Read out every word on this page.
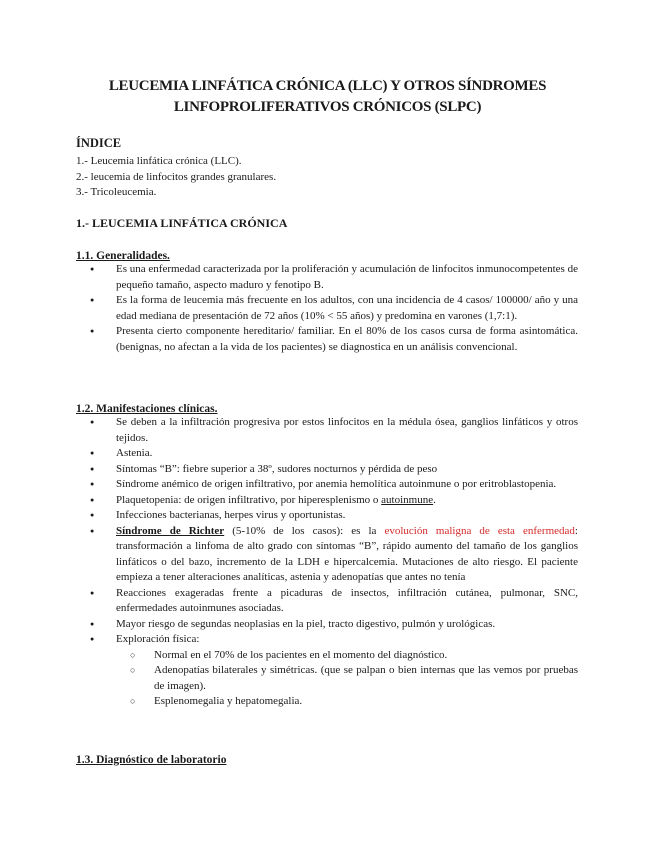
LEUCEMIA LINFÁTICA CRÓNICA (LLC) Y OTROS SÍNDROMES
LINFOPROLIFERATIVOS CRÓNICOS (SLPC)
ÍNDICE
1.- Leucemia linfática crónica (LLC).
2.- leucemia de linfocitos grandes granulares.
3.- Tricoleucemia.
1.- LEUCEMIA LINFÁTICA CRÓNICA
1.1. Generalidades.
● Es una enfermedad caracterizada por la proliferación y acumulación de linfocitos inmunocompetentes de pequeño tamaño, aspecto maduro y fenotipo B.
● Es la forma de leucemia más frecuente en los adultos, con una incidencia de 4 casos/ 100000/ año y una edad mediana de presentación de 72 años (10% < 55 años) y predomina en varones (1,7:1).
● Presenta cierto componente hereditario/ familiar. En el 80% de los casos cursa de forma asintomática. (benignas, no afectan a la vida de los pacientes) se diagnostica en un análisis convencional.
1.2. Manifestaciones clínicas.
● Se deben a la infiltración progresiva por estos linfocitos en la médula ósea, ganglios linfáticos y otros tejidos.
● Astenia.
● Síntomas “B”: fiebre superior a 38º, sudores nocturnos y pérdida de peso
● Síndrome anémico de origen infiltrativo, por anemia hemolítica autoinmune o por eritroblastopenia.
● Plaquetopenia: de origen infiltrativo, por hiperesplenismo o autoinmune.
● Infecciones bacterianas, herpes virus y oportunistas.
● Síndrome de Richter (5-10% de los casos): es la evolución maligna de esta enfermedad: transformación a linfoma de alto grado con síntomas “B”, rápido aumento del tamaño de los ganglios linfáticos o del bazo, incremento de la LDH e hipercalcemia. Mutaciones de alto riesgo. El paciente empieza a tener alteraciones analíticas, astenia y adenopatías que antes no tenía
● Reacciones exageradas frente a picaduras de insectos, infiltración cutánea, pulmonar, SNC, enfermedades autoinmunes asociadas.
● Mayor riesgo de segundas neoplasias en la piel, tracto digestivo, pulmón y urológicas.
● Exploración física:
○ Normal en el 70% de los pacientes en el momento del diagnóstico.
○ Adenopatías bilaterales y simétricas. (que se palpan o bien internas que las vemos por pruebas de imagen).
○ Esplenomegalia y hepatomegalia.
1.3. Diagnóstico de laboratorio
